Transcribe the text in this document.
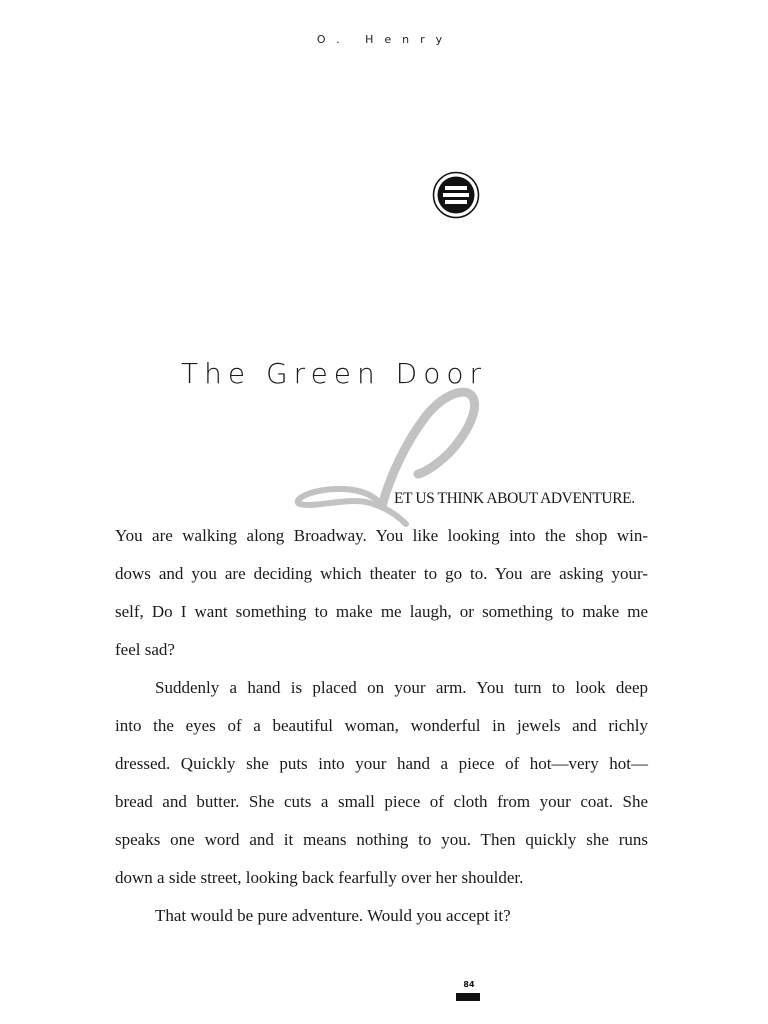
O. Henry
The Green Door
ET US THINK ABOUT ADVENTURE.
You are walking along Broadway. You like looking into the shop win-
dows and you are deciding which theater to go to. You are asking your-
self, Do I want something to make me laugh, or something to make me
feel sad?
Suddenly a hand is placed on your arm. You turn to look deep
into the eyes of a beautiful woman, wonderful in jewels and richly
dressed. Quickly she puts into your hand a piece of hot—very hot—
bread and butter. She cuts a small piece of cloth from your coat. She
speaks one word and it means nothing to you. Then quickly she runs
down a side street, looking back fearfully over her shoulder.
That would be pure adventure. Would you accept it?
84
